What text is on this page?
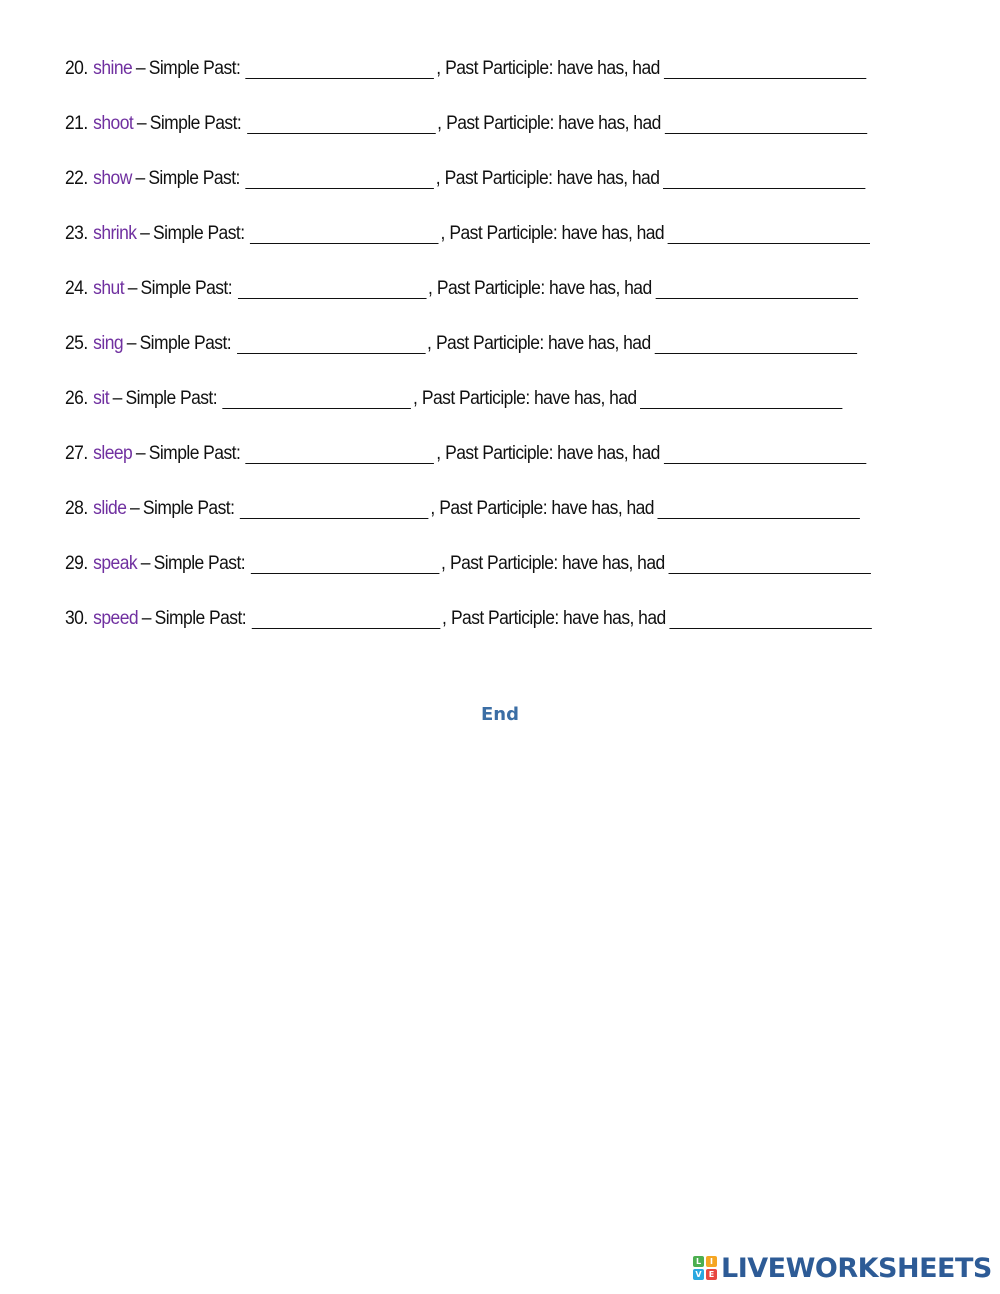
20. shine – Simple Past:	, Past Participle: have has, had
21. shoot – Simple Past:	, Past Participle: have has, had
22. show – Simple Past:	, Past Participle: have has, had
23. shrink – Simple Past:	, Past Participle: have has, had
24. shut – Simple Past:	, Past Participle: have has, had
25. sing – Simple Past:	, Past Participle: have has, had
26. sit – Simple Past:	, Past Participle: have has, had
27. sleep – Simple Past:	, Past Participle: have has, had
28. slide – Simple Past:	, Past Participle: have has, had
29. speak – Simple Past:	, Past Participle: have has, had
30. speed – Simple Past:	, Past Participle: have has, had
End
L	I
V E LIVEWORKSHEETS
